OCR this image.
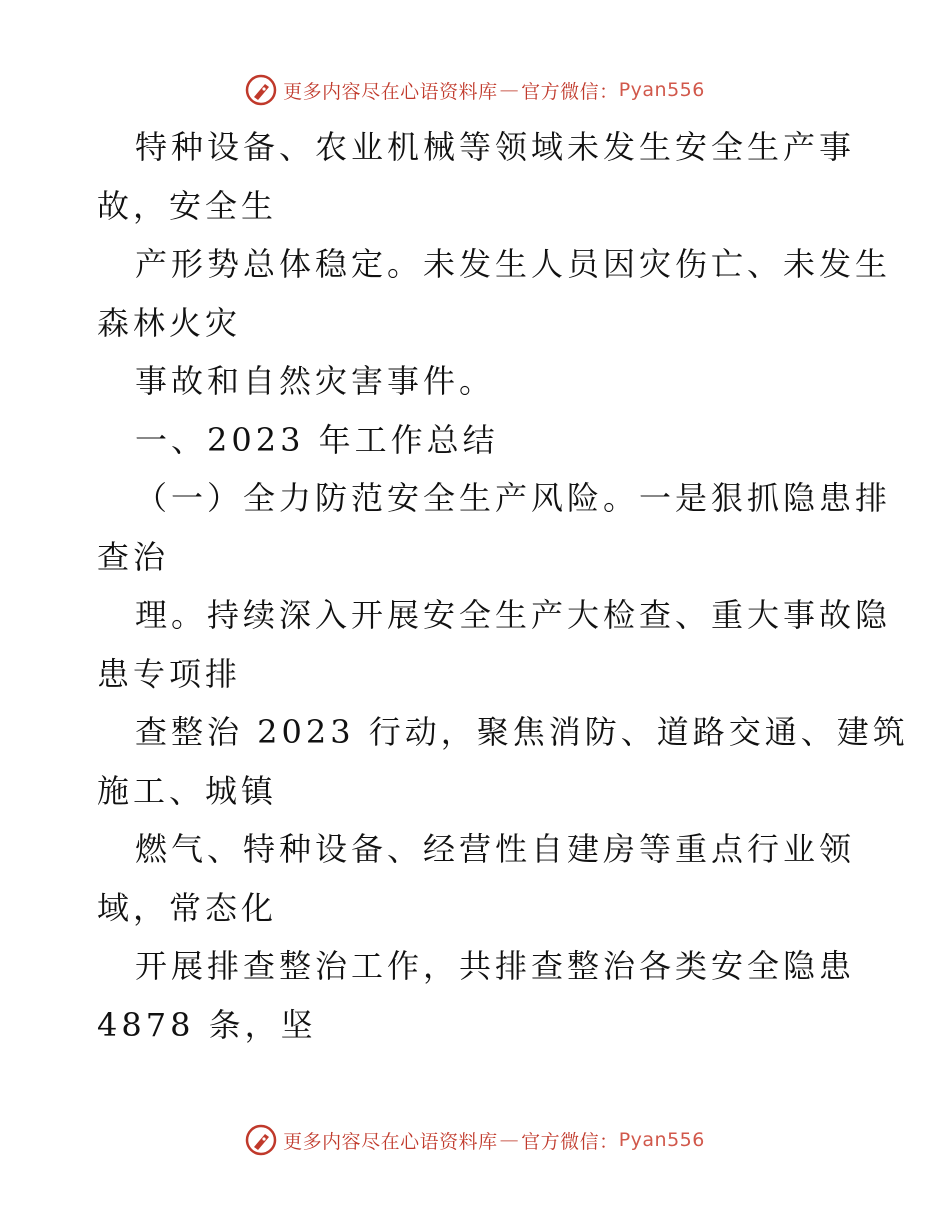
更多内容尽在心语资料库 — 官方微信： Pyan556
特种设备、农业机械等领域未发生安全生产事
故，安全生
产形势总体稳定。未发生人员因灾伤亡、未发生
森林火灾
事故和自然灾害事件。
一、2023 年工作总结
（一）全力防范安全生产风险。一是狠抓隐患排
查治
理。持续深入开展安全生产大检查、重大事故隐
患专项排
查整治 2023 行动，聚焦消防、道路交通、建筑
施工、城镇
燃气、特种设备、经营性自建房等重点行业领
域，常态化
开展排查整治工作，共排查整治各类安全隐患
4878 条，坚
更多内容尽在心语资料库 — 官方微信： Pyan556
